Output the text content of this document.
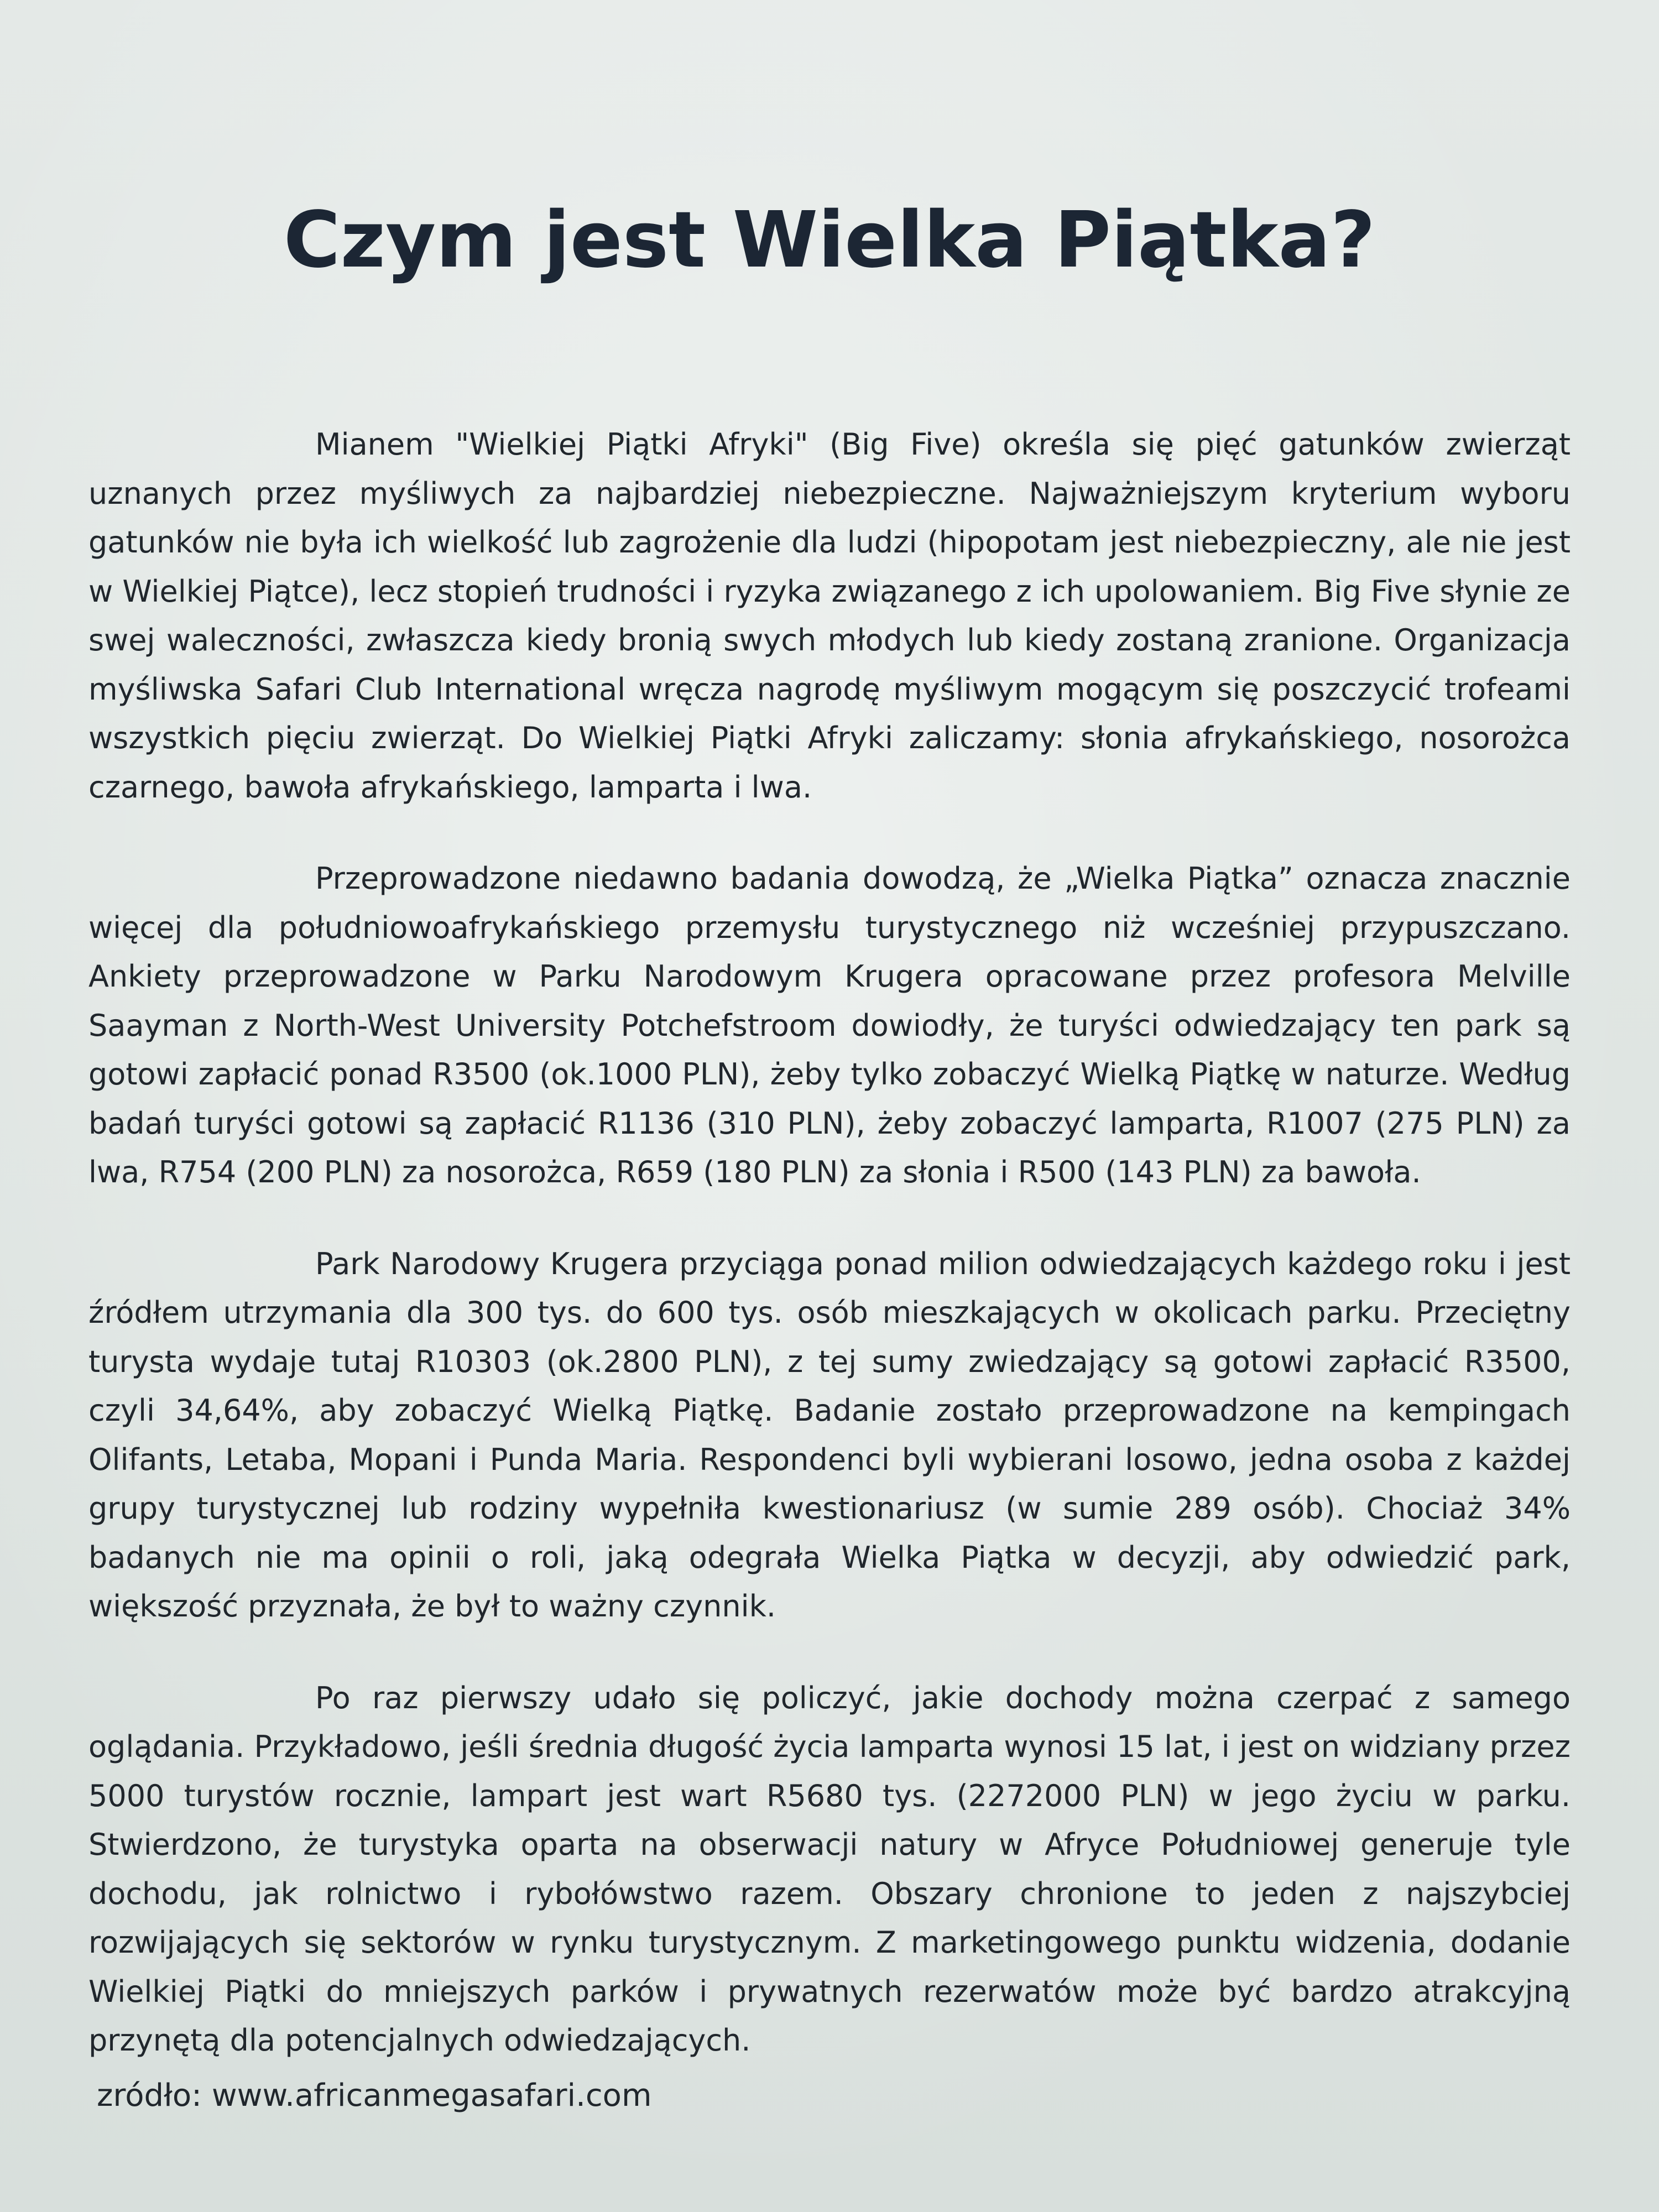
Czym jest Wielka Piątka?

Mianem "Wielkiej Piątki Afryki" (Big Five) określa się pięć gatunków zwierząt uznanych przez myśliwych za najbardziej niebezpieczne. Najważniejszym kryterium wyboru gatunków nie była ich wielkość lub zagrożenie dla ludzi (hipopotam jest niebezpieczny, ale nie jest w Wielkiej Piątce), lecz stopień trudności i ryzyka związanego z ich upolowaniem. Big Five słynie ze swej waleczności, zwłaszcza kiedy bronią swych młodych lub kiedy zostaną zranione. Organizacja myśliwska Safari Club International wręcza nagrodę myśliwym mogącym się poszczycić trofeami wszystkich pięciu zwierząt. Do Wielkiej Piątki Afryki zaliczamy: słonia afrykańskiego, nosorożca czarnego, bawoła afrykańskiego, lamparta i lwa.

Przeprowadzone niedawno badania dowodzą, że „Wielka Piątka” oznacza znacznie więcej dla południowoafrykańskiego przemysłu turystycznego niż wcześniej przypuszczano. Ankiety przeprowadzone w Parku Narodowym Krugera opracowane przez profesora Melville Saayman z North-West University Potchefstroom dowiodły, że turyści odwiedzający ten park są gotowi zapłacić ponad R3500 (ok.1000 PLN), żeby tylko zobaczyć Wielką Piątkę w naturze. Według badań turyści gotowi są zapłacić R1136 (310 PLN), żeby zobaczyć lamparta, R1007 (275 PLN) za lwa, R754 (200 PLN) za nosorożca, R659 (180 PLN) za słonia i R500 (143 PLN) za bawoła.

Park Narodowy Krugera przyciąga ponad milion odwiedzających każdego roku i jest źródłem utrzymania dla 300 tys. do 600 tys. osób mieszkających w okolicach parku. Przeciętny turysta wydaje tutaj R10303 (ok.2800 PLN), z tej sumy zwiedzający są gotowi zapłacić R3500, czyli 34,64%, aby zobaczyć Wielką Piątkę. Badanie zostało przeprowadzone na kempingach Olifants, Letaba, Mopani i Punda Maria. Respondenci byli wybierani losowo, jedna osoba z każdej grupy turystycznej lub rodziny wypełniła kwestionariusz (w sumie 289 osób). Chociaż 34% badanych nie ma opinii o roli, jaką odegrała Wielka Piątka w decyzji, aby odwiedzić park, większość przyznała, że był to ważny czynnik.

Po raz pierwszy udało się policzyć, jakie dochody można czerpać z samego oglądania. Przykładowo, jeśli średnia długość życia lamparta wynosi 15 lat, i jest on widziany przez 5000 turystów rocznie, lampart jest wart R5680 tys. (2272000 PLN) w jego życiu w parku. Stwierdzono, że turystyka oparta na obserwacji natury w Afryce Południowej generuje tyle dochodu, jak rolnictwo i rybołówstwo razem. Obszary chronione to jeden z najszybciej rozwijających się sektorów w rynku turystycznym. Z marketingowego punktu widzenia, dodanie Wielkiej Piątki do mniejszych parków i prywatnych rezerwatów może być bardzo atrakcyjną przynętą dla potencjalnych odwiedzających.

zródło: www.africanmegasafari.com
